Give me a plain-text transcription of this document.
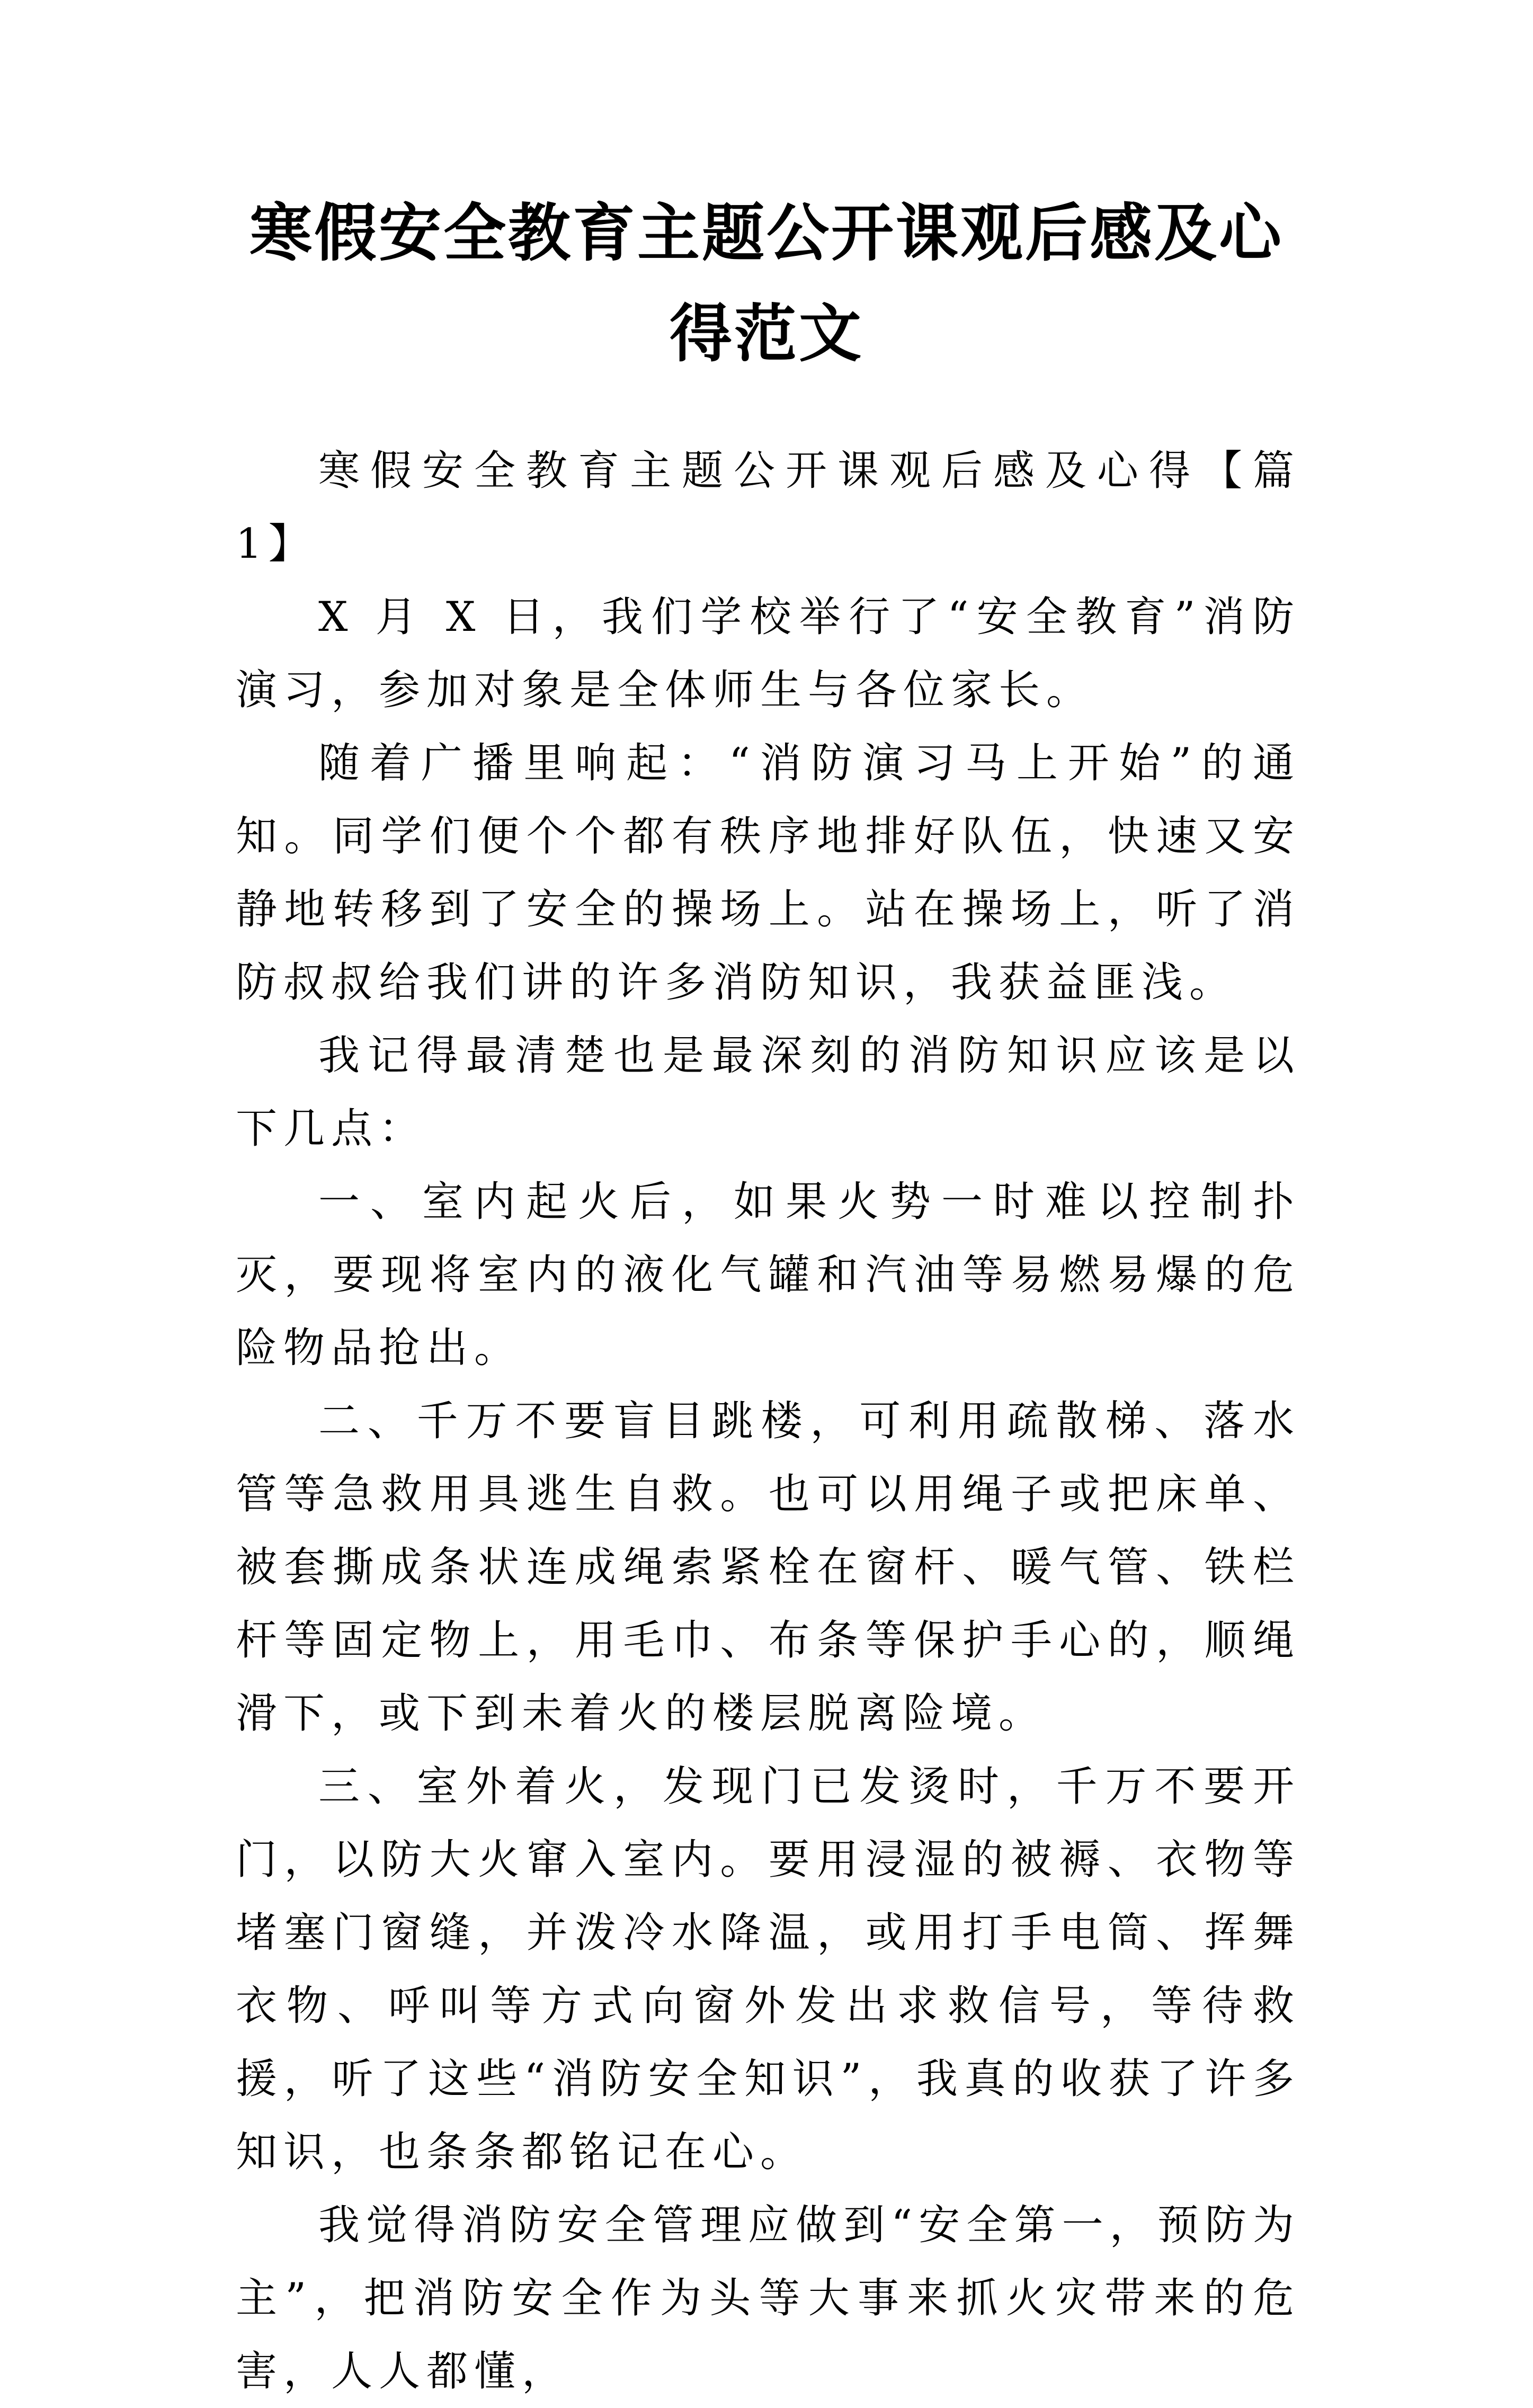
寒假安全教育主题公开课观后感及心得范文

寒假安全教育主题公开课观后感及心得【篇 1】

X 月 X 日，我们学校举行了“安全教育”消防演习，参加对象是全体师生与各位家长。

随着广播里响起：“消防演习马上开始”的通知。同学们便个个都有秩序地排好队伍，快速又安静地转移到了安全的操场上。站在操场上，听了消防叔叔给我们讲的许多消防知识，我获益匪浅。

我记得最清楚也是最深刻的消防知识应该是以下几点：

一、室内起火后，如果火势一时难以控制扑灭，要现将室内的液化气罐和汽油等易燃易爆的危险物品抢出。

二、千万不要盲目跳楼，可利用疏散梯、落水管等急救用具逃生自救。也可以用绳子或把床单、被套撕成条状连成绳索紧栓在窗杆、暖气管、铁栏杆等固定物上，用毛巾、布条等保护手心的，顺绳滑下，或下到未着火的楼层脱离险境。

三、室外着火，发现门已发烫时，千万不要开门，以防大火窜入室内。要用浸湿的被褥、衣物等堵塞门窗缝，并泼冷水降温，或用打手电筒、挥舞衣物、呼叫等方式向窗外发出求救信号，等待救援，听了这些“消防安全知识”，我真的收获了许多知识，也条条都铭记在心。

我觉得消防安全管理应做到“安全第一，预防为主”，把消防安全作为头等大事来抓火灾带来的危害，人人都懂，
